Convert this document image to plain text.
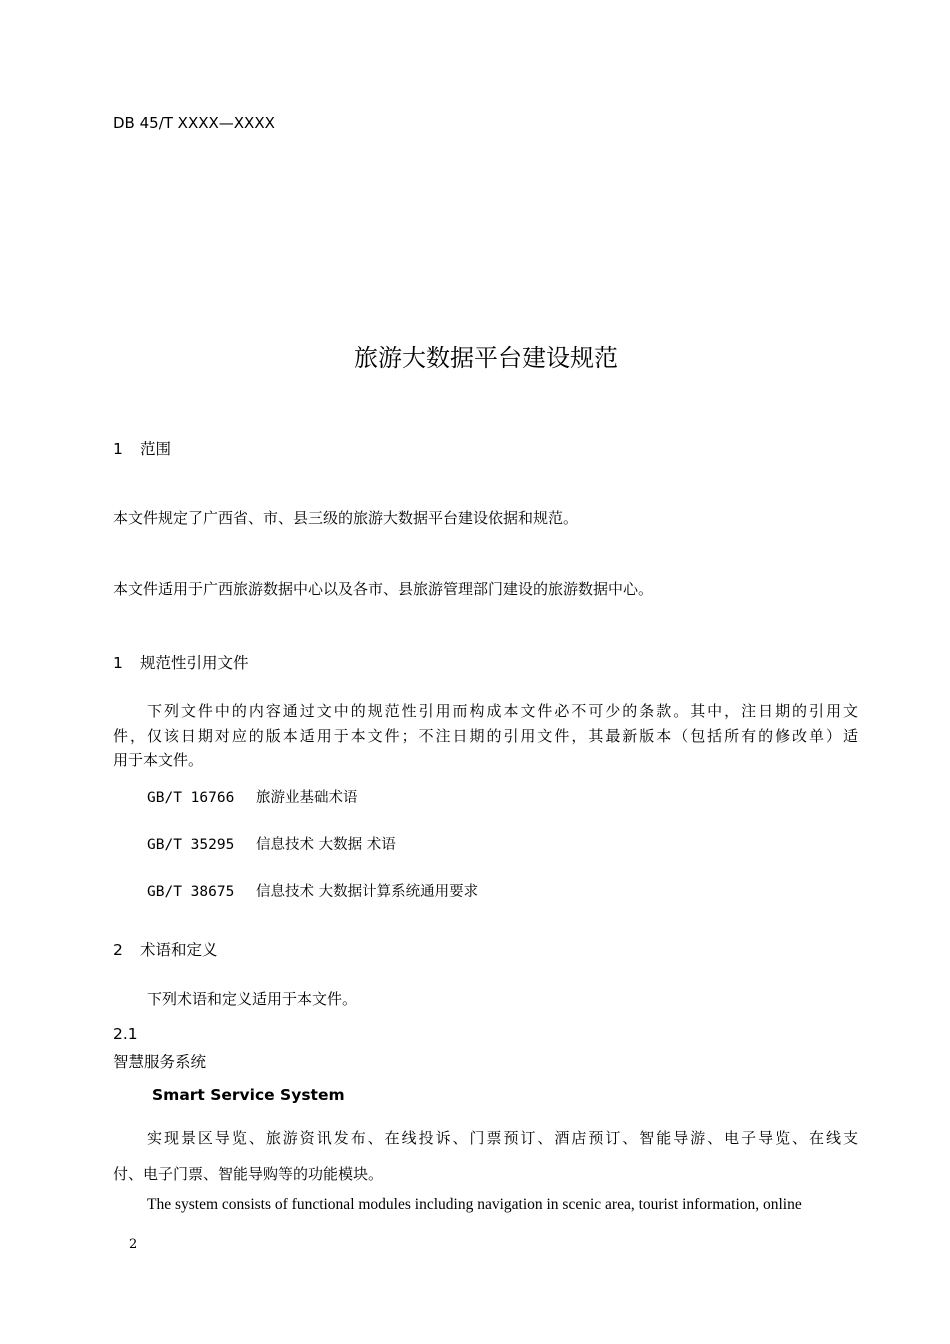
DB 45/T XXXX—XXXX
旅游大数据平台建设规范
1 范围
本文件规定了广西省、市、县三级的旅游大数据平台建设依据和规范。
本文件适用于广西旅游数据中心以及各市、县旅游管理部门建设的旅游数据中心。
1 规范性引用文件
下列文件中的内容通过文中的规范性引用而构成本文件必不可少的条款。其中，注日期的引用文
件，仅该日期对应的版本适用于本文件；不注日期的引用文件，其最新版本（包括所有的修改单）适
用于本文件。
GB/T 16766 旅游业基础术语
GB/T 35295 信息技术 大数据 术语
GB/T 38675 信息技术 大数据计算系统通用要求
2 术语和定义
下列术语和定义适用于本文件。
2.1
智慧服务系统
Smart Service System
实现景区导览、旅游资讯发布、在线投诉、门票预订、酒店预订、智能导游、电子导览、在线支
付、电子门票、智能导购等的功能模块。
The system consists of functional modules including navigation in scenic area, tourist information, online
2
